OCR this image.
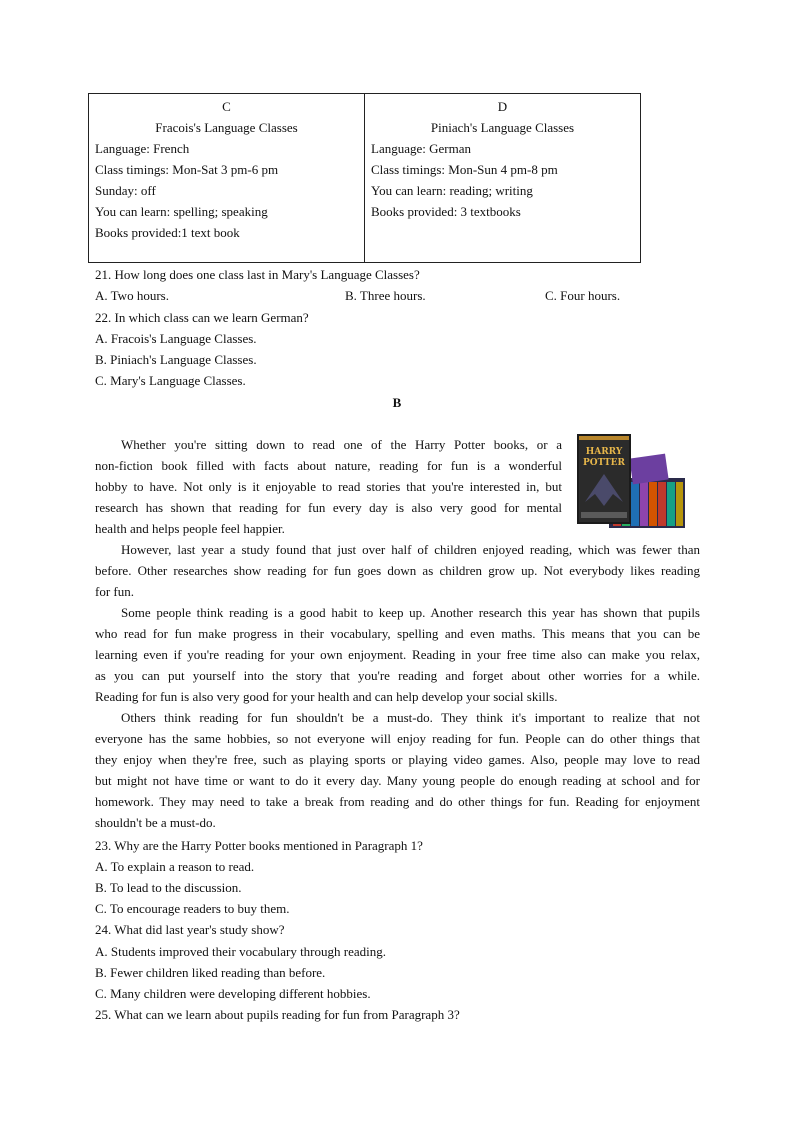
C
Fracois's Language Classes
Language: French
Class timings: Mon-Sat 3 pm-6 pm
Sunday: off
You can learn: spelling; speaking
Books provided:1 text book

D
Piniach's Language Classes
Language: German
Class timings: Mon-Sun 4 pm-8 pm
You can learn: reading; writing
Books provided: 3 textbooks
21. How long does one class last in Mary's Language Classes?
A. Two hours.	B. Three hours.	C. Four hours.
22. In which class can we learn German?
A. Fracois's Language Classes.
B. Piniach's Language Classes.
C. Mary's Language Classes.
B
Whether you're sitting down to read one of the Harry Potter books, or a
non-fiction book filled with facts about nature, reading for fun is a wonderful
hobby to have. Not only is it enjoyable to read stories that you're interested in, but
research has shown that reading for fun every day is also very good for mental
health and helps people feel happier.
HARRY
POTTER
However, last year a study found that just over half of children enjoyed reading, which was fewer than
before. Other researches show reading for fun goes down as children grow up. Not everybody likes reading
for fun.
Some people think reading is a good habit to keep up. Another research this year has shown that pupils
who read for fun make progress in their vocabulary, spelling and even maths. This means that you can be
learning even if you're reading for your own enjoyment. Reading in your free time also can make you relax,
as you can put yourself into the story that you're reading and forget about other worries for a while.
Reading for fun is also very good for your health and can help develop your social skills.
Others think reading for fun shouldn't be a must-do. They think it's important to realize that not
everyone has the same hobbies, so not everyone will enjoy reading for fun. People can do other things that
they enjoy when they're free, such as playing sports or playing video games. Also, people may love to read
but might not have time or want to do it every day. Many young people do enough reading at school and for
homework. They may need to take a break from reading and do other things for fun. Reading for enjoyment
shouldn't be a must-do.
23. Why are the Harry Potter books mentioned in Paragraph 1?
A. To explain a reason to read.
B. To lead to the discussion.
C. To encourage readers to buy them.
24. What did last year's study show?
A. Students improved their vocabulary through reading.
B. Fewer children liked reading than before.
C. Many children were developing different hobbies.
25. What can we learn about pupils reading for fun from Paragraph 3?
